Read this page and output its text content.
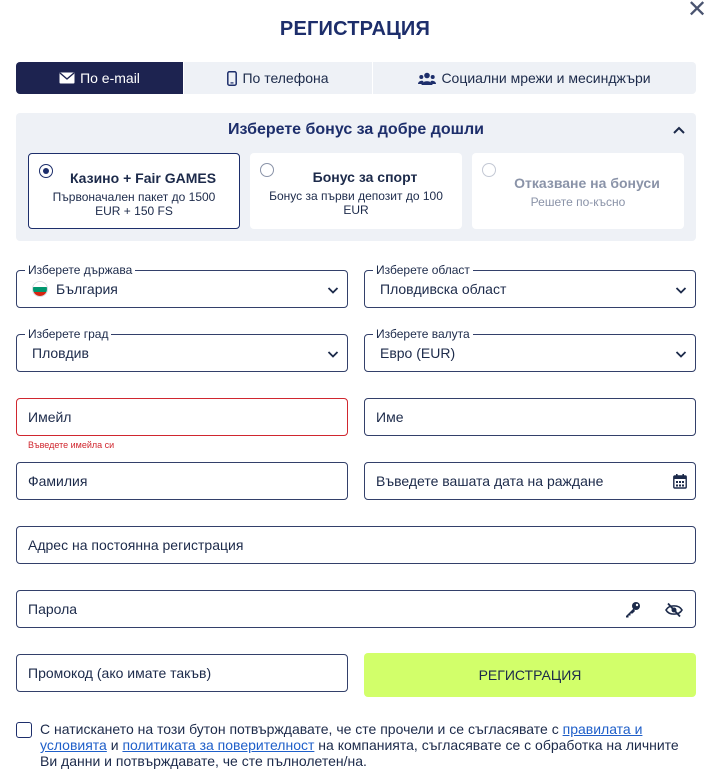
РЕГИСТРАЦИЯ
✕
По e-mail	По телефона	Социални мрежи и месинджъри
Изберете бонус за добре дошли
Казино + Fair GAMES
Първоначален пакет до 1500 EUR + 150 FS
Бонус за спорт
Бонус за първи депозит до 100 EUR
Отказване на бонуси
Решете по-късно
Изберете държава
България
Изберете област
Пловдивска област
Изберете град
Пловдив
Изберете валута
Евро (EUR)
Имейл
Въведете имейла си
Име
Фамилия	Въведете вашата дата на раждане
Адрес на постоянна регистрация
Парола
Промокод (ако имате такъв)	РЕГИСТРАЦИЯ
С натискането на този бутон потвърждавате, че сте прочели и се съгласявате с правилата и условията и политиката за поверителност на компанията, съгласявате се с обработка на личните Ви данни и потвърждавате, че сте пълнолетен/на.
